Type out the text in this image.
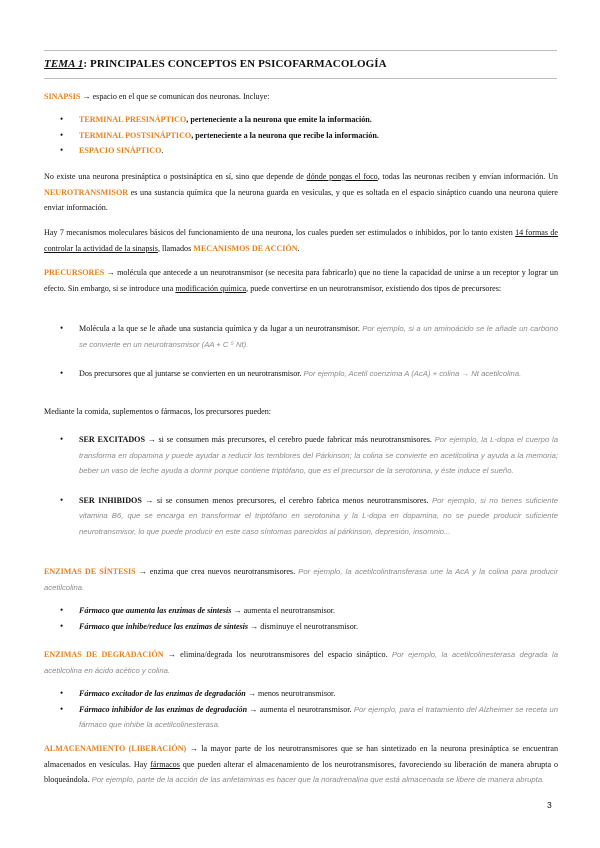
TEMA 1: PRINCIPALES CONCEPTOS EN PSICOFARMACOLOGÍA
SINAPSIS → espacio en el que se comunican dos neuronas. Incluye:
• TERMINAL PRESINÁPTICO, perteneciente a la neurona que emite la información.
• TERMINAL POSTSINÁPTICO, perteneciente a la neurona que recibe la información.
• ESPACIO SINÁPTICO.
No existe una neurona presináptica o postsináptica en sí, sino que depende de dónde pongas el foco, todas las neuronas reciben y envían información. Un NEUROTRANSMISOR es una sustancia química que la neurona guarda en vesículas, y que es soltada en el espacio sináptico cuando una neurona quiere enviar información.
Hay 7 mecanismos moleculares básicos del funcionamiento de una neurona, los cuales pueden ser estimulados o inhibidos, por lo tanto existen 14 formas de controlar la actividad de la sinapsis, llamados MECANISMOS DE ACCIÓN.
PRECURSORES → molécula que antecede a un neurotransmisor (se necesita para fabricarlo) que no tiene la capacidad de unirse a un receptor y lograr un efecto. Sin embargo, si se introduce una modificación química, puede convertirse en un neurotransmisor, existiendo dos tipos de precursores:
• Molécula a la que se le añade una sustancia química y da lugar a un neurotransmisor. Por ejemplo, si a un aminoácido se le añade un carbono se convierte en un neurotransmisor (AA + C ⁵ Nt).
• Dos precursores que al juntarse se convierten en un neurotransmisor. Por ejemplo, Acetil coenzima A (AcA) + colina → Nt acetilcolina.
Mediante la comida, suplementos o fármacos, los precursores pueden:
• SER EXCITADOS → si se consumen más precursores, el cerebro puede fabricar más neurotransmisores. Por ejemplo, la L-dopa el cuerpo la transforma en dopamina y puede ayudar a reducir los temblores del Párkinson; la colina se convierte en acetilcolina y ayuda a la memoria; beber un vaso de leche ayuda a dormir porque contiene triptófano, que es el precursor de la serotonina, y éste induce el sueño.
• SER INHIBIDOS → si se consumen menos precursores, el cerebro fabrica menos neurotransmisores. Por ejemplo, si no tienes suficiente vitamina B6, que se encarga en transformar el triptófano en serotonina y la L-dopa en dopamina, no se puede producir suficiente neurotransmisor, lo que puede producir en este caso síntomas parecidos al párkinson, depresión, insomnio...
ENZIMAS DE SÍNTESIS → enzima que crea nuevos neurotransmisores. Por ejemplo, la acetilcolintransferasa une la AcA y la colina para producir acetilcolina.
• Fármaco que aumenta las enzimas de síntesis → aumenta el neurotransmisor.
• Fármaco que inhibe/reduce las enzimas de síntesis → disminuye el neurotransmisor.
ENZIMAS DE DEGRADACIÓN → elimina/degrada los neurotransmisores del espacio sináptico. Por ejemplo, la acetilcolinesterasa degrada la acetilcolina en ácido acético y colina.
• Fármaco excitador de las enzimas de degradación → menos neurotransmisor.
• Fármaco inhibidor de las enzimas de degradación → aumenta el neurotransmisor. Por ejemplo, para el tratamiento del Alzheimer se receta un fármaco que inhibe la acetilcolinesterasa.
ALMACENAMIENTO (LIBERACIÓN) → la mayor parte de los neurotransmisores que se han sintetizado en la neurona presináptica se encuentran almacenados en vesículas. Hay fármacos que pueden alterar el almacenamiento de los neurotransmisores, favoreciendo su liberación de manera abrupta o bloqueándola. Por ejemplo, parte de la acción de las anfetaminas es hacer que la noradrenalina que está almacenada se libere de manera abrupta.
3
